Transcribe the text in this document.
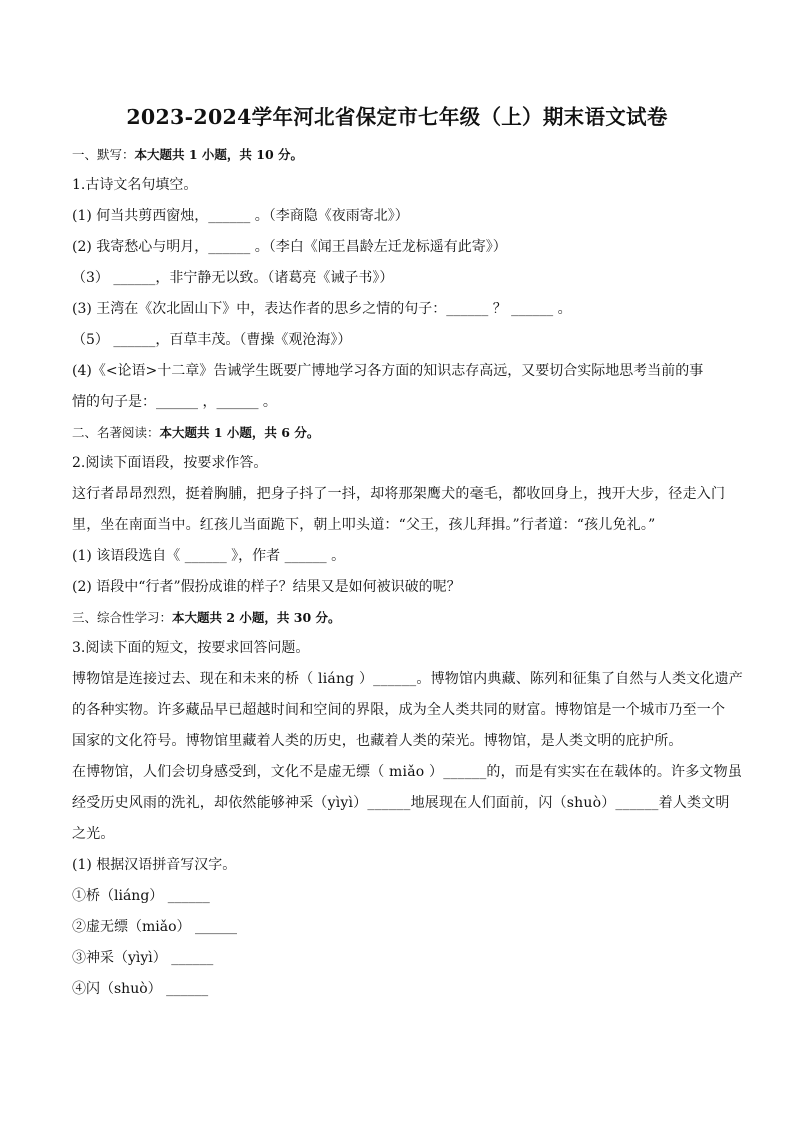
2023-2024学年河北省保定市七年级（上）期末语文试卷
一、默写：本大题共 1 小题，共 10 分。
1.古诗文名句填空。
(1) 何当共剪西窗烛，______ 。（李商隐《夜雨寄北》）
(2) 我寄愁心与明月，______ 。（李白《闻王昌龄左迁龙标遥有此寄》）
（3） ______，非宁静无以致。（诸葛亮《诫子书》）
(3) 王湾在《次北固山下》中，表达作者的思乡之情的句子：______ ？ ______ 。
（5） ______，百草丰茂。（曹操《观沧海》）
(4)《<论语>十二章》告诫学生既要广博地学习各方面的知识志存高远，又要切合实际地思考当前的事
情的句子是：______ ，______ 。
二、名著阅读：本大题共 1 小题，共 6 分。
2.阅读下面语段，按要求作答。
这行者昂昂烈烈，挺着胸脯，把身子抖了一抖，却将那架鹰犬的毫毛，都收回身上，拽开大步，径走入门
里，坐在南面当中。红孩儿当面跪下，朝上叩头道：“父王，孩儿拜揖。”行者道：“孩儿免礼。”
(1) 该语段选自《 ______ 》，作者 ______ 。
(2) 语段中“行者”假扮成谁的样子？结果又是如何被识破的呢？
三、综合性学习：本大题共 2 小题，共 30 分。
3.阅读下面的短文，按要求回答问题。
博物馆是连接过去、现在和未来的桥（ liáng ）______。博物馆内典藏、陈列和征集了自然与人类文化遗产
的各种实物。许多藏品早已超越时间和空间的界限，成为全人类共同的财富。博物馆是一个城市乃至一个
国家的文化符号。博物馆里藏着人类的历史，也藏着人类的荣光。博物馆，是人类文明的庇护所。
在博物馆，人们会切身感受到，文化不是虚无缥（ miǎo ）______的，而是有实实在在载体的。许多文物虽
经受历史风雨的洗礼，却依然能够神采（yìyì）______地展现在人们面前，闪（shuò）______着人类文明
之光。
(1) 根据汉语拼音写汉字。
①桥（liáng） ______
②虚无缥（miǎo） ______
③神采（yìyì） ______
④闪（shuò） ______
